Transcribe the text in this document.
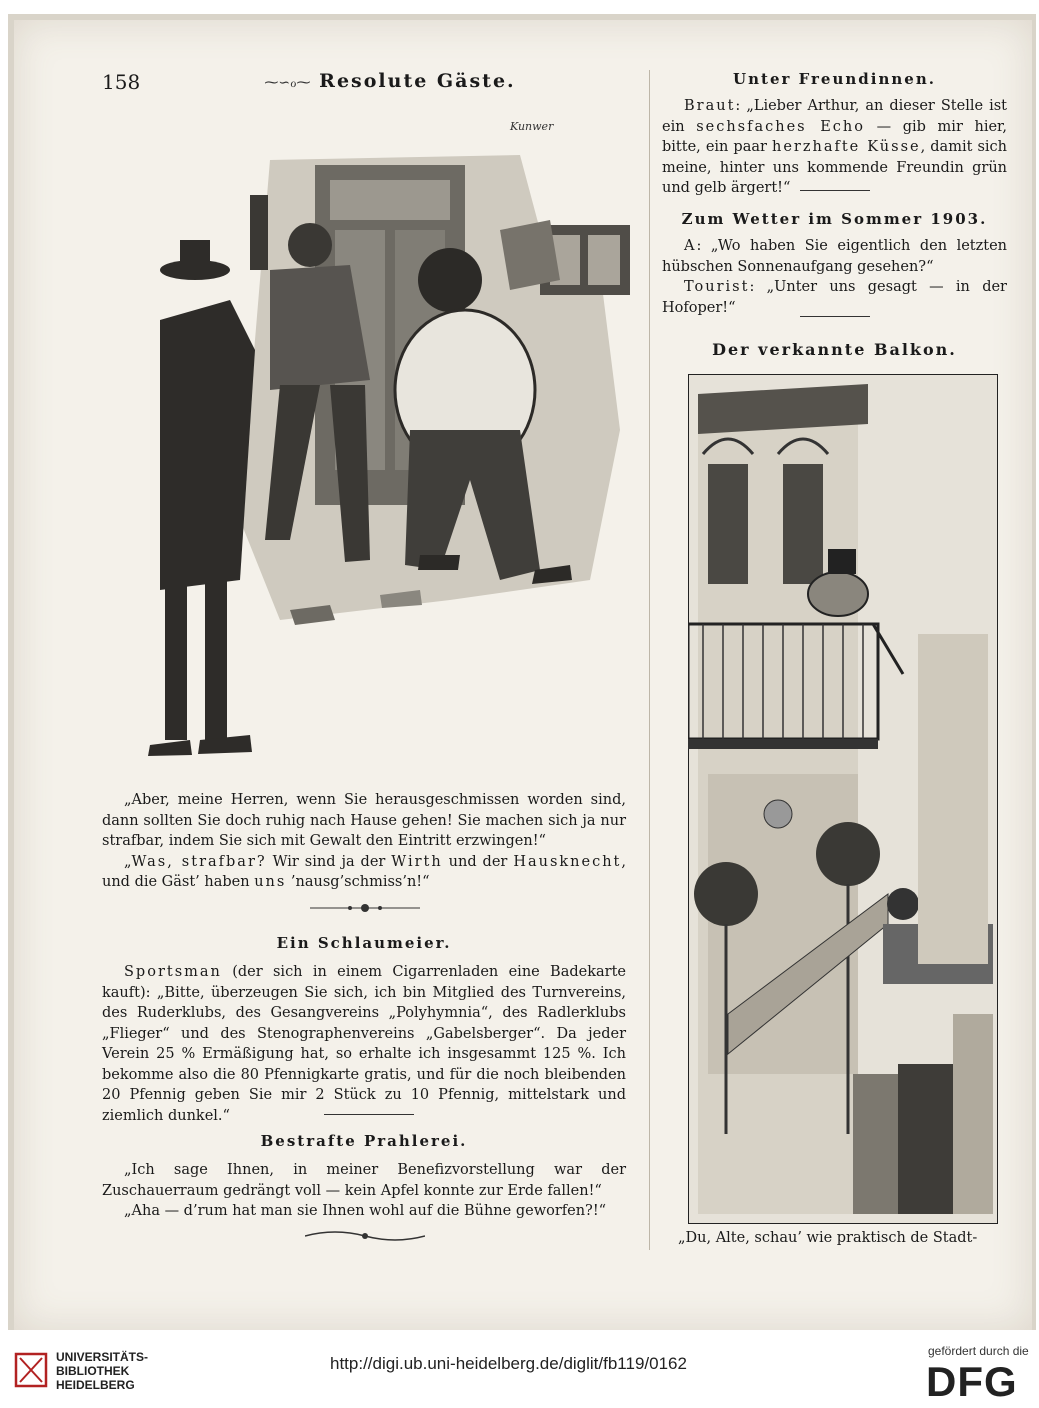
158	⁓∽ℴ⁓ Resolute Gäste.
Kunwer

„Aber, meine Herren, wenn Sie herausgeschmissen worden sind, dann sollten Sie doch ruhig nach Hause gehen! Sie machen sich ja nur strafbar, indem Sie sich mit Gewalt den Eintritt erzwingen!“

„Was, strafbar? Wir sind ja der Wirth und der Hausknecht, und die Gäst’ haben uns ’nausg’schmiss’n!“

Ein Schlaumeier.

Sportsman (der sich in einem Cigarrenladen eine Badekarte kauft): „Bitte, überzeugen Sie sich, ich bin Mitglied des Turnvereins, des Ruderklubs, des Gesangvereins „Polyhymnia“, des Radlerklubs „Flieger“ und des Stenographenvereins „Gabelsberger“. Da jeder Verein 25 % Ermäßigung hat, so erhalte ich insgesammt 125 %. Ich bekomme also die 80 Pfennigkarte gratis, und für die noch bleibenden 20 Pfennig geben Sie mir 2 Stück zu 10 Pfennig, mittelstark und ziemlich dunkel.“

Bestrafte Prahlerei.

„Ich sage Ihnen, in meiner Benefizvorstellung war der Zuschauerraum gedrängt voll — kein Apfel konnte zur Erde fallen!“

„Aha — d’rum hat man sie Ihnen wohl auf die Bühne geworfen?!“

Unter Freundinnen.

Braut: „Lieber Arthur, an dieser Stelle ist ein sechsfaches Echo — gib mir hier, bitte, ein paar herzhafte Küsse, damit sich meine, hinter uns kommende Freundin grün und gelb ärgert!“

Zum Wetter im Sommer 1903.

A: „Wo haben Sie eigentlich den letzten hübschen Sonnenaufgang gesehen?“

Tourist: „Unter uns gesagt — in der Hofoper!“

Der verkannte Balkon.
„Du, Alte, schau’ wie praktisch de Stadt-
UNIVERSITÄTS-
BIBLIOTHEK
HEIDELBERG
http://digi.ub.uni-heidelberg.de/diglit/fb119/0162
gefördert durch die
DFG
